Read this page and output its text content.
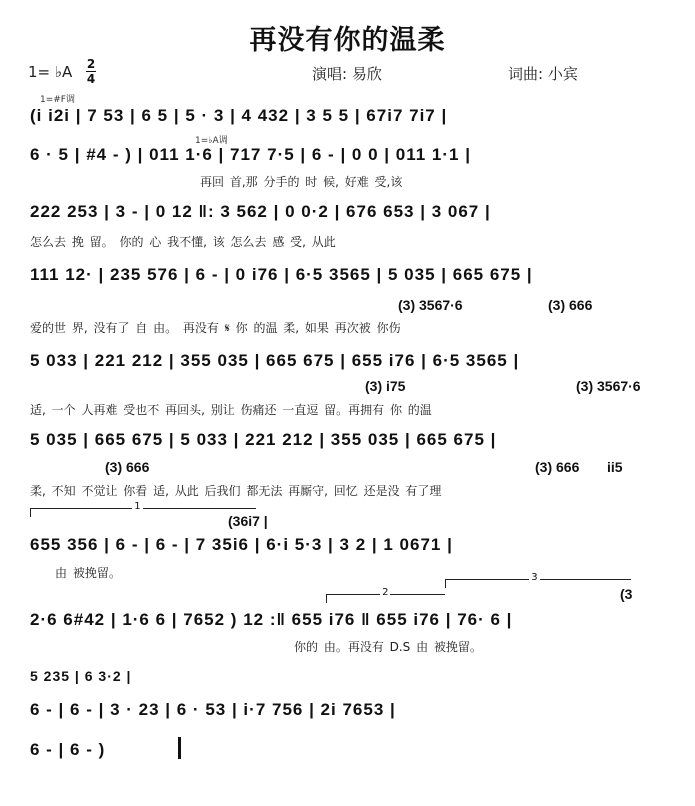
再没有你的温柔
1= ♭A 2
4	演唱: 易欣	词曲: 小宾
1=#F调
(i i2i | 7 53 | 6 5 | 5 · 3 | 4 432 | 3 5 5 | 67i7 7i7 |
1=♭A调
6 · 5 | #4 - ) | 011 1·6 | 717 7·5 | 6 - | 0 0 | 011 1·1 |
再回 首,那 分手的 时 候, 好难 受,该
222 253 | 3 - | 0 12 ‖: 3 562 | 0 0·2 | 676 653 | 3 067 |
怎么去 挽 留。 你的 心 我不懂, 该 怎么去 感 受, 从此
111 12· | 235 576 | 6 - | 0 i76 | 6·5 3565 | 5 035 | 665 675 |
(3) 3567·6	(3) 666
爱的世 界, 没有了 自 由。 再没有 𝄋 你 的温 柔, 如果 再次被 你伤
5 033 | 221 212 | 355 035 | 665 675 | 655 i76 | 6·5 3565 |
(3) i75	(3) 3567·6
适, 一个 人再难 受也不 再回头, 别让 伤痛还 一直逗 留。再拥有 你 的温
5 035 | 665 675 | 5 033 | 221 212 | 355 035 | 665 675 |
(3) 666	(3) 666 ii5
柔, 不知 不觉让 你看 适, 从此 后我们 都无法 再厮守, 回忆 还是没 有了理
1
(36i7 |
655 356 | 6 - | 6 - | 7 35i6 | 6·i 5·3 | 3 2 | 1 0671 |
由 被挽留。	3
2	(3
2·6 6#42 | 1·6 6 | 7652 ) 12 :‖ 655 i76 ‖ 655 i76 | 76· 6 |
你的 由。再没有 D.S 由 被挽留。
5 235 | 6 3·2 |
6 - | 6 - | 3 · 23 | 6 · 53 | i·7 756 | 2i 7653 |
6 - | 6 - )
